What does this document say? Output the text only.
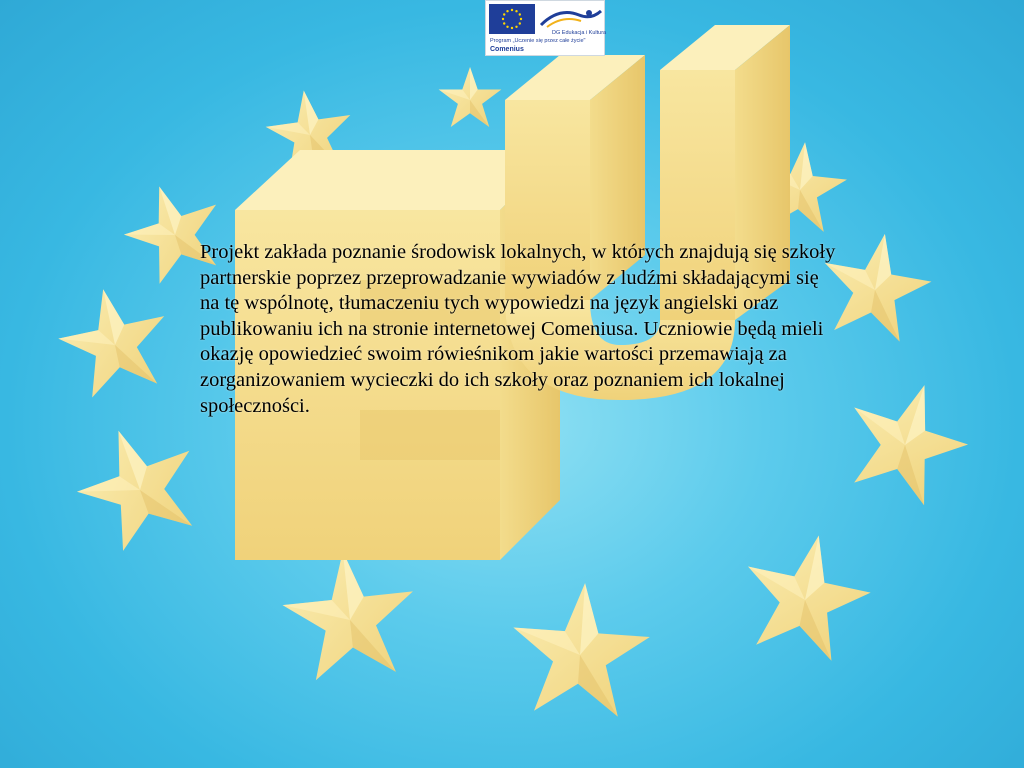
DG Edukacja i Kultura
Program „Uczenie się przez całe życie"
Comenius

Projekt zakłada poznanie środowisk lokalnych, w których znajdują się szkoły partnerskie poprzez przeprowadzanie wywiadów z ludźmi składającymi się na tę wspólnotę, tłumaczeniu tych wypowiedzi na język angielski oraz publikowaniu ich na stronie internetowej Comeniusa. Uczniowie będą mieli okazję opowiedzieć swoim rówieśnikom jakie wartości przemawiają za zorganizowaniem wycieczki do ich szkoły oraz poznaniem ich lokalnej społeczności.
